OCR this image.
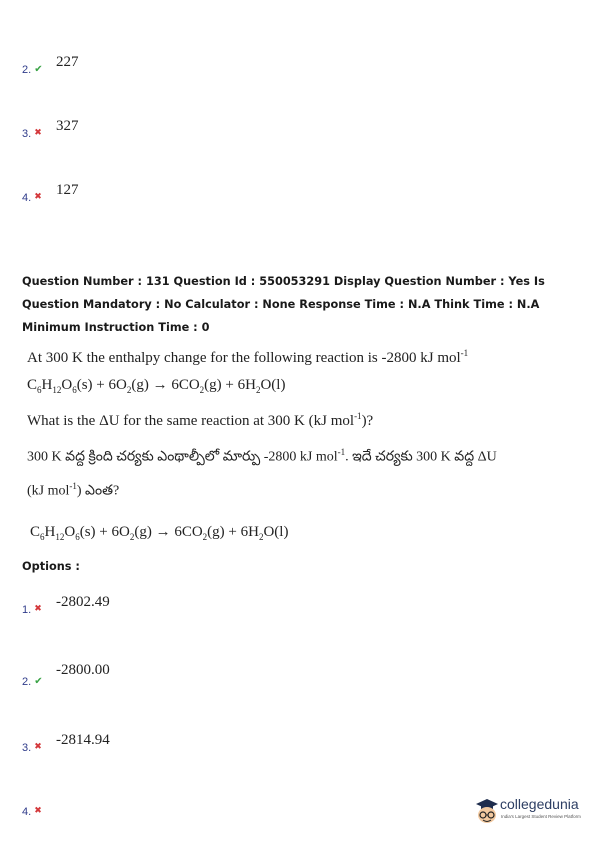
2. ✔ 227
3. ✖ 327
4. ✖ 127
Question Number : 131 Question Id : 550053291 Display Question Number : Yes Is Question Mandatory : No Calculator : None Response Time : N.A Think Time : N.A Minimum Instruction Time : 0
At 300 K the enthalpy change for the following reaction is -2800 kJ mol$^{-1}$
$C_6H_{12}O_6(s) + 6O_2(g) \to 6CO_2(g) + 6H_2O(l)$
What is the ΔU for the same reaction at 300 K (kJ mol$^{-1}$)?
300 K వద్ద క్రింది చర్యకు ఎంథాల్పీలో మార్పు -2800 kJ mol$^{-1}$. ఇదే చర్యకు 300 K వద్ద ΔU
(kJ mol$^{-1}$) ఎంత?
$C_6H_{12}O_6(s) + 6O_2(g) \to 6CO_2(g) + 6H_2O(l)$
Options :
1. ✖ -2802.49
2. ✔
-2800.00
3. ✖ -2814.94
4. ✖	collegedunia
India's Largest Student Review Platform
